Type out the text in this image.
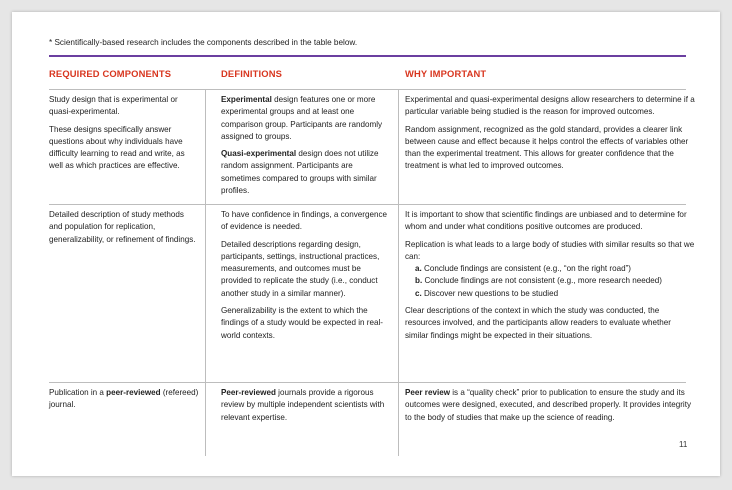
* Scientifically-based research includes the components described in the table below.
REQUIRED COMPONENTS	DEFINITIONS	WHY IMPORTANT

Study design that is experimental or quasi-experimental.

These designs specifically answer questions about why individuals have difficulty learning to read and write, as well as which practices are effective.

Experimental design features one or more experimental groups and at least one comparison group. Participants are randomly assigned to groups.

Quasi-experimental design does not utilize random assignment. Participants are sometimes compared to groups with similar profiles.

Experimental and quasi-experimental designs allow researchers to determine if a particular variable being studied is the reason for improved outcomes.

Random assignment, recognized as the gold standard, provides a clearer link between cause and effect because it helps control the effects of variables other than the experimental treatment. This allows for greater confidence that the treatment is what led to improved outcomes.

Detailed description of study methods and population for replication, generalizability, or refinement of findings.

To have confidence in findings, a convergence of evidence is needed.

Detailed descriptions regarding design, participants, settings, instructional practices, measurements, and outcomes must be provided to replicate the study (i.e., conduct another study in a similar manner).

Generalizability is the extent to which the findings of a study would be expected in real-world contexts.

It is important to show that scientific findings are unbiased and to determine for whom and under what conditions positive outcomes are produced.

Replication is what leads to a large body of studies with similar results so that we can:

a. Conclude findings are consistent (e.g., “on the right road”)
b. Conclude findings are not consistent (e.g., more research needed)
c. Discover new questions to be studied

Clear descriptions of the context in which the study was conducted, the resources involved, and the participants allow readers to evaluate whether similar findings might be expected in their situations.

Publication in a peer-reviewed (refereed) journal.

Peer-reviewed journals provide a rigorous review by multiple independent scientists with relevant expertise.

Peer review is a “quality check” prior to publication to ensure the study and its outcomes were designed, executed, and described properly. It provides integrity to the body of studies that make up the science of reading.

11
